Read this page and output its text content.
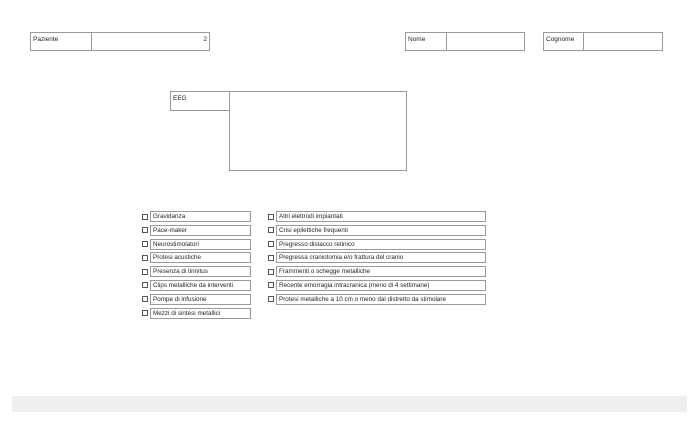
Paziente	2	Nome	Cognome
EEG
Gravidanza
Pace-maker
Neurostimolatori
Protesi acustiche
Presenza di tinnitus
Clips metalliche da interventi
Pompe di infusione
Mezzi di sintesi metallici
Altri elettrodi impiantati
Crisi epilettiche frequenti
Pregresso distacco retinico
Pregressa craniotomia e/o frattura del cranio
Frammenti o schegge metalliche
Recente emorragia intracranica (meno di 4 settimane)
Protesi metalliche a 10 cm o meno dal distretto da stimolare
